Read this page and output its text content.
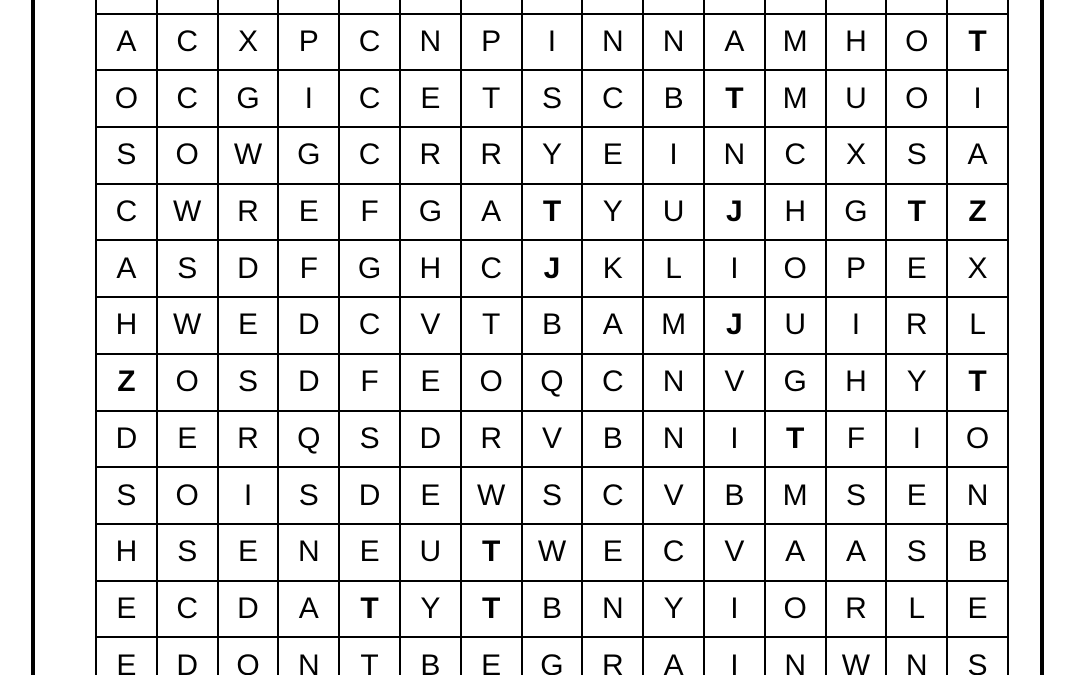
A	C	X	P	C	N	P	I	N	N	A	M	H	O	T
O	C	G	I	C	E	T	S	C	B	T	M	U	O	I
S	O	W	G	C	R	R	Y	E	I	N	C	X	S	A
C	W	R	E	F	G	A	T	Y	U	J	H	G	T	Z
A	S	D	F	G	H	C	J	K	L	I	O	P	E	X
H	W	E	D	C	V	T	B	A	M	J	U	I	R	L
Z	O	S	D	F	E	O	Q	C	N	V	G	H	Y	T
D	E	R	Q	S	D	R	V	B	N	I	T	F	I	O
S	O	I	S	D	E	W	S	C	V	B	M	S	E	N
H	S	E	N	E	U	T	W	E	C	V	A	A	S	B
E	C	D	A	T	Y	T	B	N	Y	I	O	R	L	E
E	D	O	N	T	B	E	G	R	A	I	N	W	N	S
